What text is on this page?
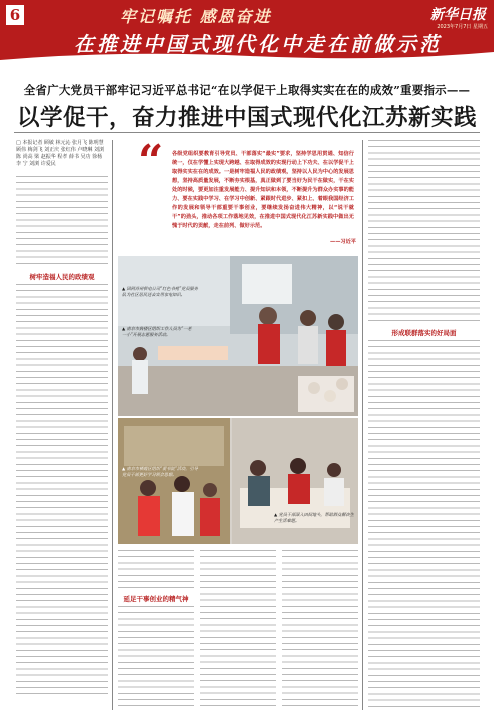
6	牢记嘱托 感恩奋进
在推进中国式现代化中走在前做示范
新华日报
2023年7月7日 星期五
全省广大党员干部牢记习近平总书记“在以学促干上取得实实在在的成效”重要指示——
以学促干，奋力推进中国式现代化江苏新实践
□ 本报记者 顾敏 林元沁 张月飞 陈明慧 顾伟 梅剑飞 刘正庆 张红伟 卢晓琳 刘浏 陈 尚高 梁 赵振华 程孝 薛书 吴功 徐杨 李 宁 刘浏 许爱民
树牢造福人民的政绩观
“ 各级党组织要教育引导党员、干部落实“最实”要求，坚持学思用贯通、知信行统一，仅在学懂上实现大跨越、在取得成效的实现行动上下功夫、在以学促干上取得实实在在的成效。一是树牢造福人民的政绩观，坚持以人民为中心的发展思想，坚持高质量发展，不断夯实根基，真正做到了要当好为民干在做实，干在实处的时候，要更加注重发展能力、提升知识和本领，不断提升为群众办实事的能力、要在实践中学习、在学习中创新、紧跟时代进步、紧扣上、着眼我国经济工作的发展和领导干部重要干事创业，要继续发扬奋进伟大精神，以“说干就干”的劲头，推动各项工作落地见效，在推进中国式现代化江苏新实践中做出无愧于时代的贡献，走在前列、做好示范。
——习近平
▲ 国网苏州供电公司“红色书苑”党员服务队为社区居民送去实用家电知识。
▲ 南京市鼓楼区组织工作人员为“一老一小”开展志愿服务活动。
▲ 南京市栖霞区组织“爱书院”活动，引导党员干部更好学习领会思想。
▲ 党员干部深入田间地头，帮助群众解决生产生活难题。
延足干事创业的精气神
形成联群落实的好局面
